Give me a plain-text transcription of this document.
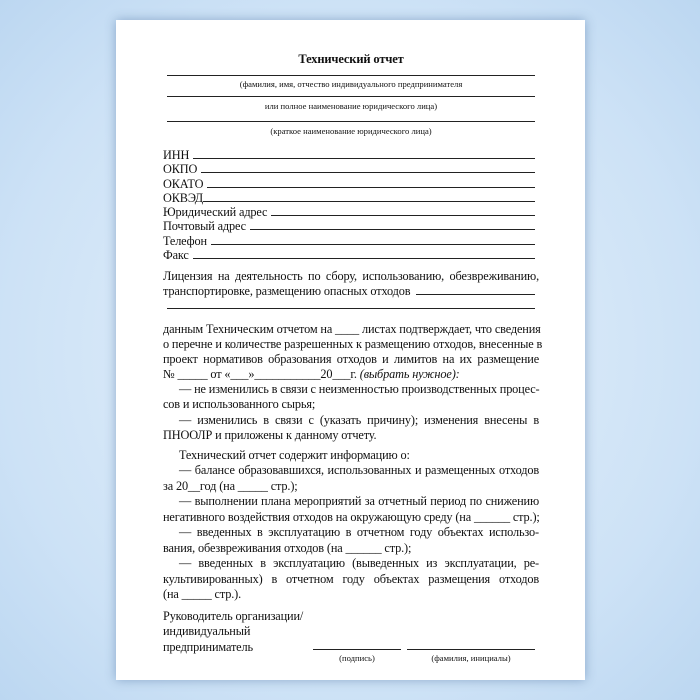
Технический отчет
(фамилия, имя, отчество индивидуального предпринимателя
или полное наименование юридического лица)
(краткое наименование юридического лица)
ИНН
ОКПО
ОКАТО
ОКВЭД
Юридический адрес
Почтовый адрес
Телефон
Факс
Лицензия на деятельность по сбору, использованию, обезвреживанию,
транспортировке, размещению опасных отходов
данным Техническим отчетом на ____ листах подтверждает, что сведения
о перечне и количестве разрешенных к размещению отходов, внесенные в
проект нормативов образования отходов и лимитов на их размещение
№ _____ от «___»___________20___г. (выбрать нужное):
— не изменились в связи с неизменностью производственных процес-
сов и использованного сырья;
— изменились в связи с (указать причину); изменения внесены в
ПНООЛР и приложены к данному отчету.
Технический отчет содержит информацию о:
— балансе образовавшихся, использованных и размещенных отходов
за 20__год (на _____ стр.);
— выполнении плана мероприятий за отчетный период по снижению
негативного воздействия отходов на окружающую среду (на ______ стр.);
— введенных в эксплуатацию в отчетном году объектах использо-
вания, обезвреживания отходов (на ______ стр.);
— введенных в эксплуатацию (выведенных из эксплуатации, ре-
культивированных) в отчетном году объектах размещения отходов
(на _____ стр.).
Руководитель организации/
индивидуальный
предприниматель
(подпись)	(фамилия, инициалы)
